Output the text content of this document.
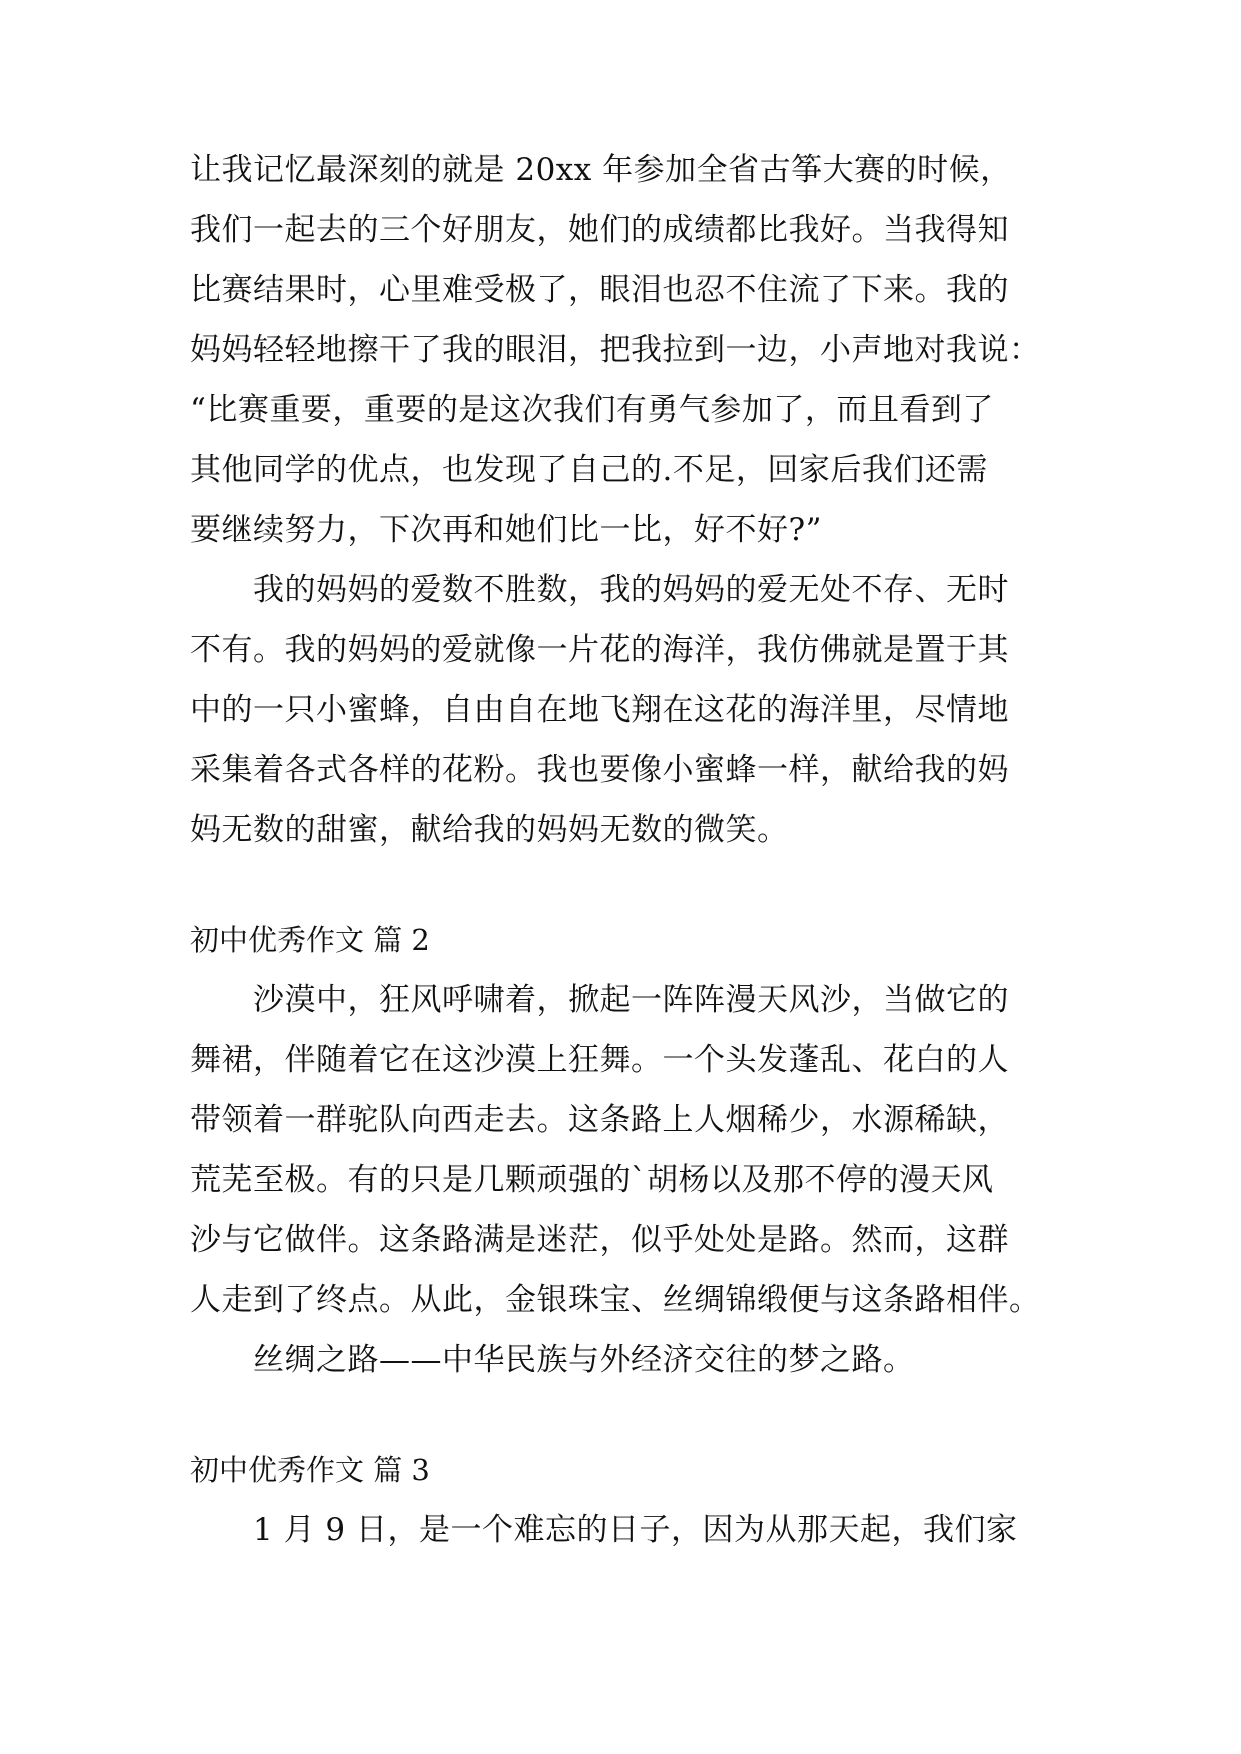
让我记忆最深刻的就是 20xx 年参加全省古筝大赛的时候，
我们一起去的三个好朋友，她们的成绩都比我好。当我得知
比赛结果时，心里难受极了，眼泪也忍不住流了下来。我的
妈妈轻轻地擦干了我的眼泪，把我拉到一边，小声地对我说：
“比赛重要，重要的是这次我们有勇气参加了，而且看到了
其他同学的优点，也发现了自己的.不足，回家后我们还需
要继续努力，下次再和她们比一比，好不好?”
我的妈妈的爱数不胜数，我的妈妈的爱无处不存、无时
不有。我的妈妈的爱就像一片花的海洋，我仿佛就是置于其
中的一只小蜜蜂，自由自在地飞翔在这花的海洋里，尽情地
采集着各式各样的花粉。我也要像小蜜蜂一样，献给我的妈
妈无数的甜蜜，献给我的妈妈无数的微笑。
初中优秀作文 篇 2
沙漠中，狂风呼啸着，掀起一阵阵漫天风沙，当做它的
舞裙，伴随着它在这沙漠上狂舞。一个头发蓬乱、花白的人
带领着一群驼队向西走去。这条路上人烟稀少，水源稀缺，
荒芜至极。有的只是几颗顽强的`胡杨以及那不停的漫天风
沙与它做伴。这条路满是迷茫，似乎处处是路。然而，这群
人走到了终点。从此，金银珠宝、丝绸锦缎便与这条路相伴。
丝绸之路——中华民族与外经济交往的梦之路。
初中优秀作文 篇 3
1 月 9 日，是一个难忘的日子，因为从那天起，我们家
